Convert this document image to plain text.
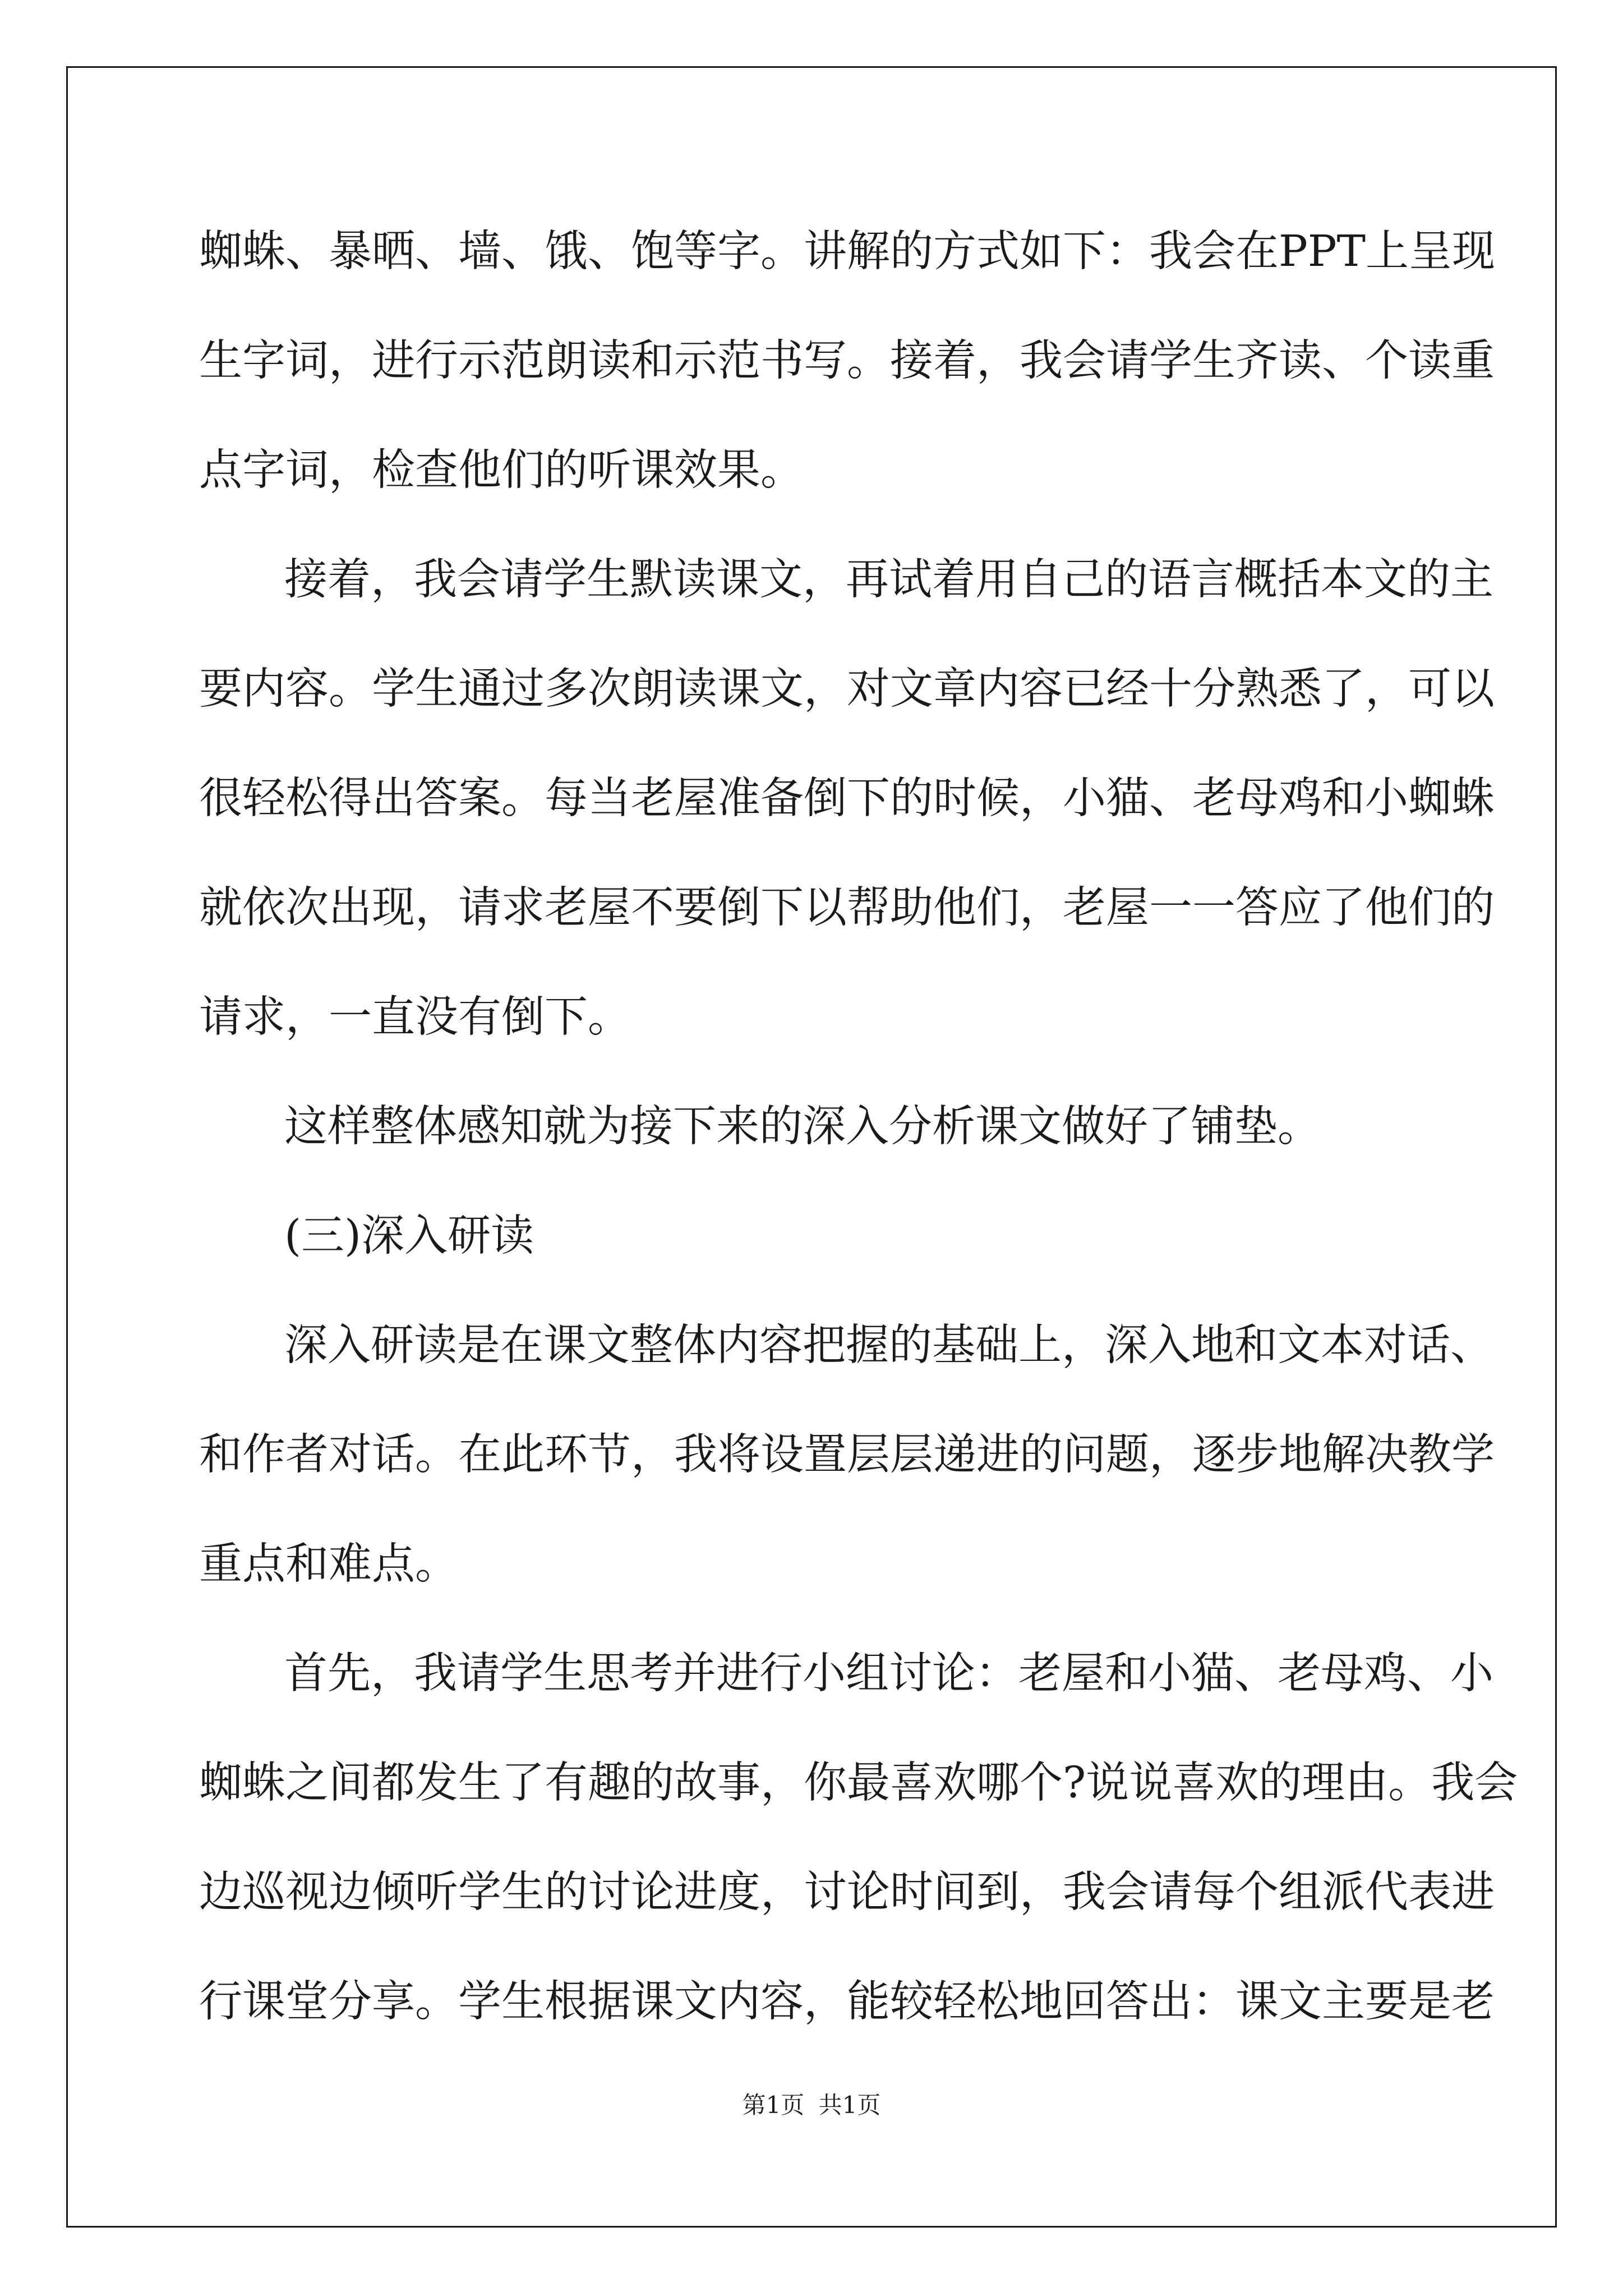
蜘蛛、暴晒、墙、饿、饱等字。讲解的方式如下：我会在PPT上呈现
生字词，进行示范朗读和示范书写。接着，我会请学生齐读、个读重
点字词，检查他们的听课效果。
接着，我会请学生默读课文，再试着用自己的语言概括本文的主
要内容。学生通过多次朗读课文，对文章内容已经十分熟悉了，可以
很轻松得出答案。每当老屋准备倒下的时候，小猫、老母鸡和小蜘蛛
就依次出现，请求老屋不要倒下以帮助他们，老屋一一答应了他们的
请求，一直没有倒下。
这样整体感知就为接下来的深入分析课文做好了铺垫。
(三)深入研读
深入研读是在课文整体内容把握的基础上，深入地和文本对话、
和作者对话。在此环节，我将设置层层递进的问题，逐步地解决教学
重点和难点。
首先，我请学生思考并进行小组讨论：老屋和小猫、老母鸡、小
蜘蛛之间都发生了有趣的故事，你最喜欢哪个?说说喜欢的理由。我会
边巡视边倾听学生的讨论进度，讨论时间到，我会请每个组派代表进
行课堂分享。学生根据课文内容，能较轻松地回答出：课文主要是老
第1页 共1页
